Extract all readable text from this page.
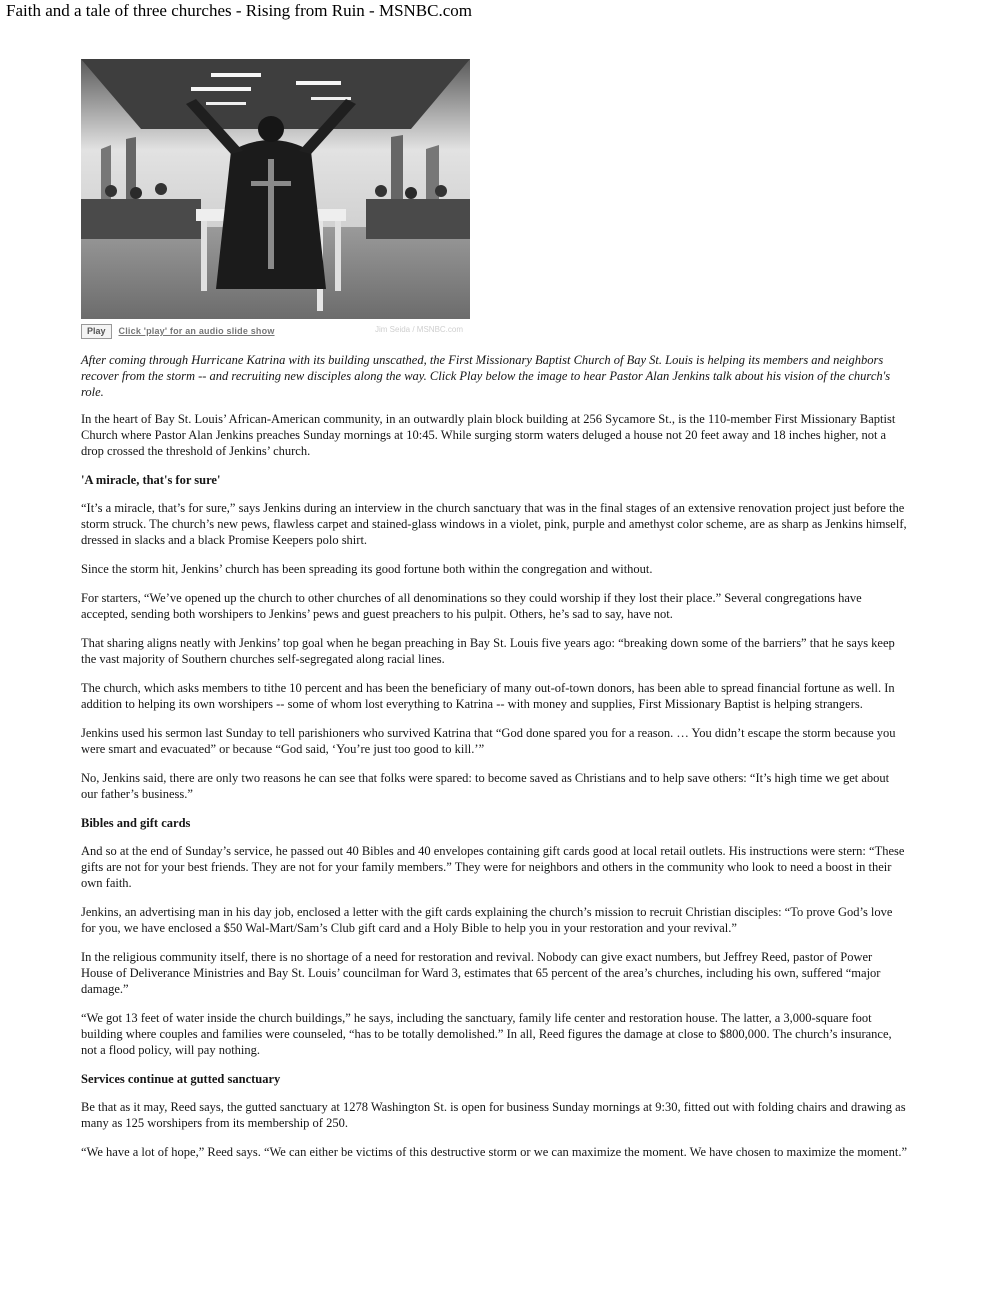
Faith and a tale of three churches - Rising from Ruin - MSNBC.com
Play	Click 'play' for an audio slide show	Jim Seida / MSNBC.com

After coming through Hurricane Katrina with its building unscathed, the First Missionary Baptist Church of Bay St. Louis is helping its members and neighbors recover from the storm -- and recruiting new disciples along the way. Click Play below the image to hear Pastor Alan Jenkins talk about his vision of the church's role.

In the heart of Bay St. Louis’ African-American community, in an outwardly plain block building at 256 Sycamore St., is the 110-member First Missionary Baptist Church where Pastor Alan Jenkins preaches Sunday mornings at 10:45. While surging storm waters deluged a house not 20 feet away and 18 inches higher, not a drop crossed the threshold of Jenkins’ church.

'A miracle, that's for sure'

“It’s a miracle, that’s for sure,” says Jenkins during an interview in the church sanctuary that was in the final stages of an extensive renovation project just before the storm struck. The church’s new pews, flawless carpet and stained-glass windows in a violet, pink, purple and amethyst color scheme, are as sharp as Jenkins himself, dressed in slacks and a black Promise Keepers polo shirt.

Since the storm hit, Jenkins’ church has been spreading its good fortune both within the congregation and without.

For starters, “We’ve opened up the church to other churches of all denominations so they could worship if they lost their place.” Several congregations have accepted, sending both worshipers to Jenkins’ pews and guest preachers to his pulpit. Others, he’s sad to say, have not.

That sharing aligns neatly with Jenkins’ top goal when he began preaching in Bay St. Louis five years ago: “breaking down some of the barriers” that he says keep the vast majority of Southern churches self-segregated along racial lines.

The church, which asks members to tithe 10 percent and has been the beneficiary of many out-of-town donors, has been able to spread financial fortune as well. In addition to helping its own worshipers -- some of whom lost everything to Katrina -- with money and supplies, First Missionary Baptist is helping strangers.

Jenkins used his sermon last Sunday to tell parishioners who survived Katrina that “God done spared you for a reason. … You didn’t escape the storm because you were smart and evacuated” or because “God said, ‘You’re just too good to kill.’”

No, Jenkins said, there are only two reasons he can see that folks were spared: to become saved as Christians and to help save others: “It’s high time we get about our father’s business.”

Bibles and gift cards

And so at the end of Sunday’s service, he passed out 40 Bibles and 40 envelopes containing gift cards good at local retail outlets. His instructions were stern: “These gifts are not for your best friends. They are not for your family members.” They were for neighbors and others in the community who look to need a boost in their own faith.

Jenkins, an advertising man in his day job, enclosed a letter with the gift cards explaining the church’s mission to recruit Christian disciples: “To prove God’s love for you, we have enclosed a $50 Wal-Mart/Sam’s Club gift card and a Holy Bible to help you in your restoration and your revival.”

In the religious community itself, there is no shortage of a need for restoration and revival. Nobody can give exact numbers, but Jeffrey Reed, pastor of Power House of Deliverance Ministries and Bay St. Louis’ councilman for Ward 3, estimates that 65 percent of the area’s churches, including his own, suffered “major damage.”

“We got 13 feet of water inside the church buildings,” he says, including the sanctuary, family life center and restoration house. The latter, a 3,000-square foot building where couples and families were counseled, “has to be totally demolished.” In all, Reed figures the damage at close to $800,000. The church’s insurance, not a flood policy, will pay nothing.

Services continue at gutted sanctuary

Be that as it may, Reed says, the gutted sanctuary at 1278 Washington St. is open for business Sunday mornings at 9:30, fitted out with folding chairs and drawing as many as 125 worshipers from its membership of 250.

“We have a lot of hope,” Reed says. “We can either be victims of this destructive storm or we can maximize the moment. We have chosen to maximize the moment.”
